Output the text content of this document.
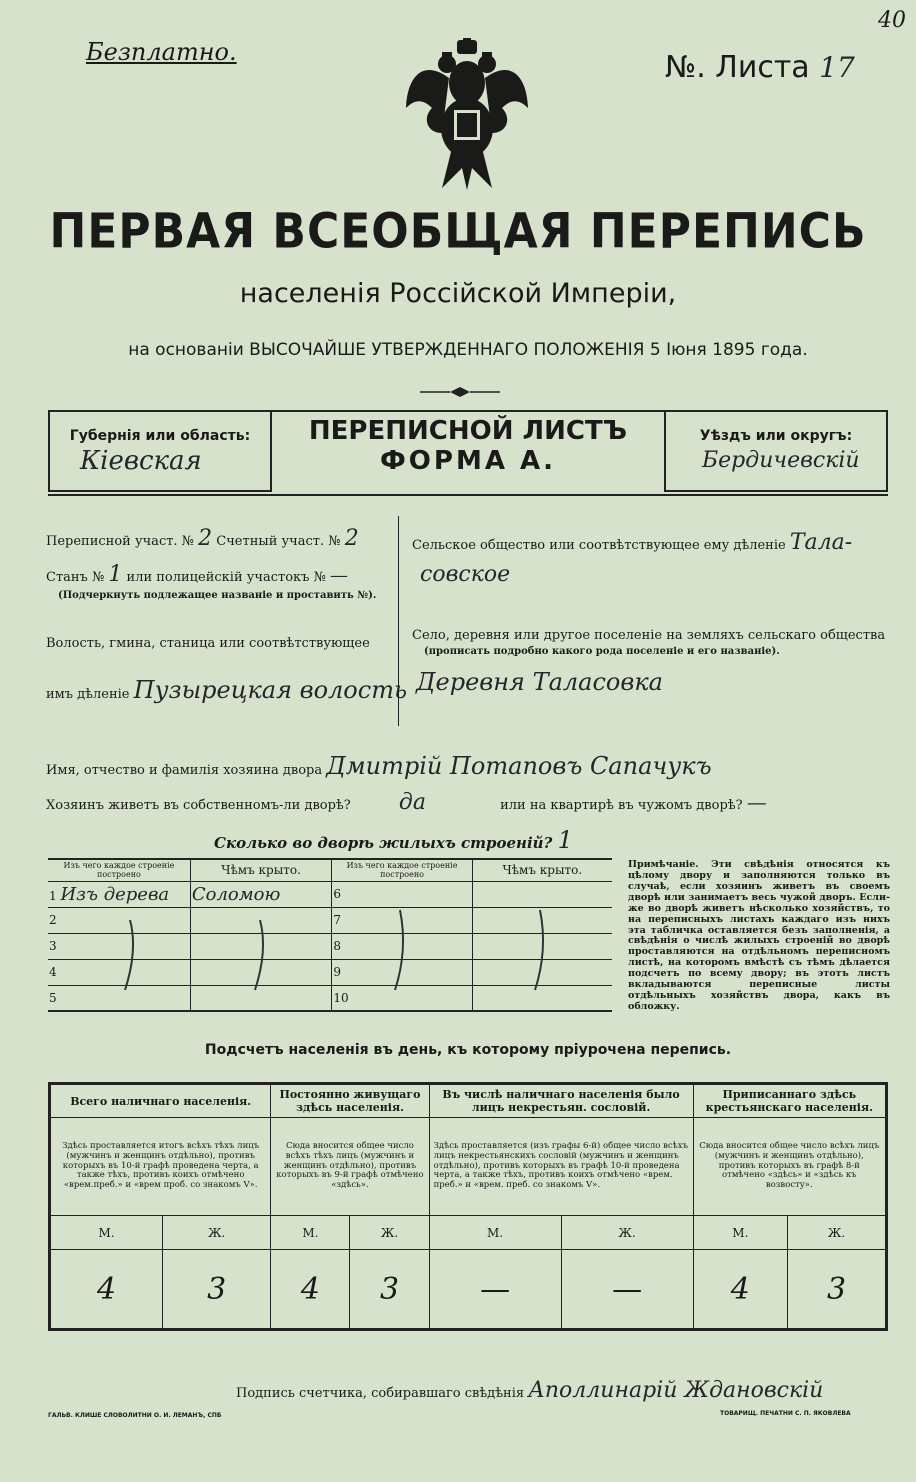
Безплатно.
40
№. Листа 17
ПЕРВАЯ ВСЕОБЩАЯ ПЕРЕПИСЬ
населенія Россійской Имперіи,
на основаніи ВЫСОЧАЙШЕ УТВЕРЖДЕННАГО ПОЛОЖЕНІЯ 5 Іюня 1895 года.
Губернія или область:
Кіевская
ПЕРЕПИСНОЙ ЛИСТЪ
ФОРМА А.
Уѣздъ или округъ:
Бердичевскій
Переписной участ. № 2 Счетный участ. № 2
Станъ № 1 или полицейскій участокъ № —
(Подчеркнуть подлежащее названіе и проставить №).
Волость, гмина, станица или соотвѣтствующее
имъ дѣленіе Пузырецкая волость
Сельское общество или соотвѣтствующее ему дѣленіе Тала-
совское
Село, деревня или другое поселеніе на земляхъ сельскаго общества
(прописать подробно какого рода поселеніе и его названіе).
Деревня Таласовка
Имя, отчество и фамилія хозяина двора Дмитрій Потаповъ Сапачукъ
Хозяинъ живетъ въ собственномъ-ли дворѣ? да	или на квартирѣ въ чужомъ дворѣ? —
Сколько во дворѣ жилыхъ строеній? 1
Изъ чего каждое строеніе построено	Чѣмъ крыто.	Изъ чего каждое строеніе построено	Чѣмъ крыто.
1 Изъ дерева	Соломою	6	
2		7	
3		8	
4		9	
5		10	
Примѣчаніе. Эти свѣдѣнія относятся къ цѣлому двору и заполняются только въ случаѣ, если хозяинъ живетъ въ своемъ дворѣ или занимаетъ весь чужой дворъ. Если-же во дворѣ живетъ нѣсколько хозяйствъ, то на переписныхъ листахъ каждаго изъ нихъ эта табличка оставляется безъ заполненія, а свѣдѣнія о числѣ жилыхъ строеній во дворѣ проставляются на отдѣльномъ переписномъ листѣ, на которомъ вмѣстѣ съ тѣмъ дѣлается подсчетъ по всему двору; въ этотъ листъ вкладываются переписные листы отдѣльныхъ хозяйствъ двора, какъ въ обложку.
Подсчетъ населенія въ день, къ которому пріурочена перепись.
Всего наличнаго населенія.		Постоянно живущаго здѣсь населенія.		Въ числѣ наличнаго населенія было лицъ некрестьян. сословій.		Приписаннаго здѣсь крестьянскаго населенія.	
Здѣсь проставляется итогъ всѣхъ тѣхъ лицъ (мужчинъ и женщинъ отдѣльно), противъ которыхъ въ 10-й графѣ проведена черта, а также тѣхъ, противъ коихъ отмѣчено «врем.преб.» и «врем проб. со знакомъ V».		Сюда вносится общее число всѣхъ тѣхъ лицъ (мужчинъ и женщинъ отдѣльно), противъ которыхъ въ 9-й графѣ отмѣчено «здѣсь».		Здѣсь проставляется (изъ графы 6-й) общее число всѣхъ лицъ некрестьянскихъ сословій (мужчинъ и женщинъ отдѣльно), противъ которыхъ въ графѣ 10-й проведена черта, а также тѣхъ, противъ коихъ отмѣчено «врем. преб.» и «врем. преб. со знакомъ V».		Сюда вносится общее число всѣхъ лицъ (мужчинъ и женщинъ отдѣльно), противъ которыхъ въ графѣ 8-й отмѣчено «здѣсь» и «здѣсь къ возвосту».	
М.	Ж.	М.	Ж.	М.	Ж.	М.	Ж.
4	3	4	3	—	—	4	3
Подпись счетчика, собиравшаго свѣдѣнія Аполлинарій Ждановскій
ГАЛЬВ. КЛИШЕ СЛОВОЛИТНИ О. И. ЛЕМАНЪ, СПБ	ТОВАРИЩ. ПЕЧАТНИ С. П. ЯКОВЛЕВА
